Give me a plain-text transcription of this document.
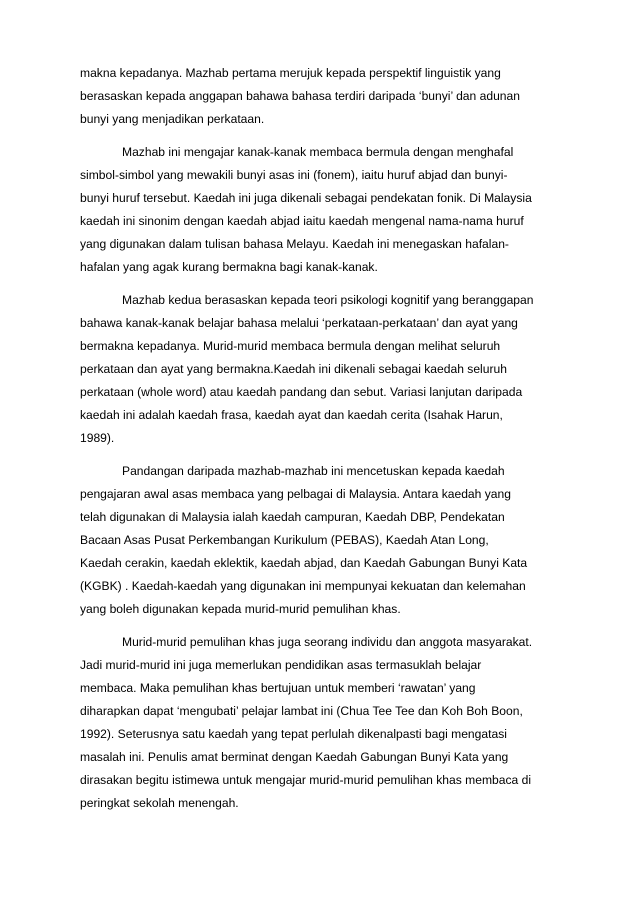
makna kepadanya. Mazhab pertama merujuk kepada perspektif linguistik yang
berasaskan kepada anggapan bahawa bahasa terdiri daripada ‘bunyi’ dan adunan
bunyi yang menjadikan perkataan.
Mazhab ini mengajar kanak-kanak membaca bermula dengan menghafal
simbol-simbol yang mewakili bunyi asas ini (fonem), iaitu huruf abjad dan bunyi-
bunyi huruf tersebut. Kaedah ini juga dikenali sebagai pendekatan fonik. Di Malaysia
kaedah ini sinonim dengan kaedah abjad iaitu kaedah mengenal nama-nama huruf
yang digunakan dalam tulisan bahasa Melayu. Kaedah ini menegaskan hafalan-
hafalan yang agak kurang bermakna bagi kanak-kanak.
Mazhab kedua berasaskan kepada teori psikologi kognitif yang beranggapan
bahawa kanak-kanak belajar bahasa melalui ‘perkataan-perkataan’ dan ayat yang
bermakna kepadanya. Murid-murid membaca bermula dengan melihat seluruh
perkataan dan ayat yang bermakna.Kaedah ini dikenali sebagai kaedah seluruh
perkataan (whole word) atau kaedah pandang dan sebut. Variasi lanjutan daripada
kaedah ini adalah kaedah frasa, kaedah ayat dan kaedah cerita (Isahak Harun,
1989).
Pandangan daripada mazhab-mazhab ini mencetuskan kepada kaedah
pengajaran awal asas membaca yang pelbagai di Malaysia. Antara kaedah yang
telah digunakan di Malaysia ialah kaedah campuran, Kaedah DBP, Pendekatan
Bacaan Asas Pusat Perkembangan Kurikulum (PEBAS), Kaedah Atan Long,
Kaedah cerakin, kaedah eklektik, kaedah abjad, dan Kaedah Gabungan Bunyi Kata
(KGBK) . Kaedah-kaedah yang digunakan ini mempunyai kekuatan dan kelemahan
yang boleh digunakan kepada murid-murid pemulihan khas.
Murid-murid pemulihan khas juga seorang individu dan anggota masyarakat.
Jadi murid-murid ini juga memerlukan pendidikan asas termasuklah belajar
membaca. Maka pemulihan khas bertujuan untuk memberi ‘rawatan’ yang
diharapkan dapat ‘mengubati’ pelajar lambat ini (Chua Tee Tee dan Koh Boh Boon,
1992). Seterusnya satu kaedah yang tepat perlulah dikenalpasti bagi mengatasi
masalah ini. Penulis amat berminat dengan Kaedah Gabungan Bunyi Kata yang
dirasakan begitu istimewa untuk mengajar murid-murid pemulihan khas membaca di
peringkat sekolah menengah.
